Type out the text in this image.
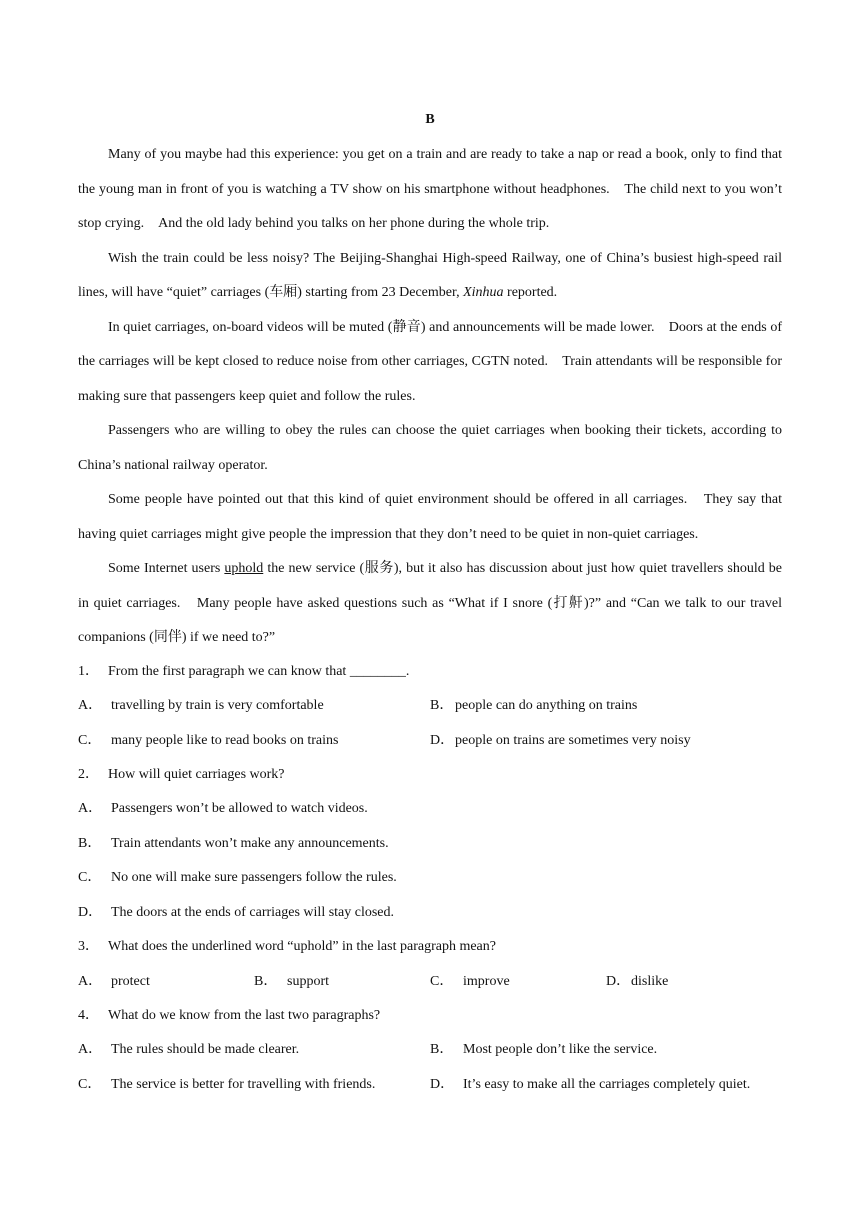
B

Many of you maybe had this experience: you get on a train and are ready to take a nap or read a book, only to find that the young man in front of you is watching a TV show on his smartphone without headphones.　The child next to you won’t stop crying.　And the old lady behind you talks on her phone during the whole trip.

Wish the train could be less noisy? The Beijing-Shanghai High-speed Railway, one of China’s busiest high-speed rail lines, will have “quiet” carriages (车厢) starting from 23 December, Xinhua reported.

In quiet carriages, on-board videos will be muted (静音) and announcements will be made lower.　Doors at the ends of the carriages will be kept closed to reduce noise from other carriages, CGTN noted.　Train attendants will be responsible for making sure that passengers keep quiet and follow the rules.

Passengers who are willing to obey the rules can choose the quiet carriages when booking their tickets, according to China’s national railway operator.

Some people have pointed out that this kind of quiet environment should be offered in all carriages.　They say that having quiet carriages might give people the impression that they don’t need to be quiet in non-quiet carriages.

Some Internet users uphold the new service (服务), but it also has discussion about just how quiet travellers should be in quiet carriages.　Many people have asked questions such as “What if I snore (打鼾)?” and “Can we talk to our travel companions (同伴) if we need to?”

1． From the first paragraph we can know that ________.
A． travelling by train is very comfortable	B． people can do anything on trains
C． many people like to read books on trains	D．people on trains are sometimes very noisy
2． How will quiet carriages work?
A． Passengers won’t be allowed to watch videos.
B． Train attendants won’t make any announcements.
C． No one will make sure passengers follow the rules.
D． The doors at the ends of carriages will stay closed.
3． What does the underlined word “uphold” in the last paragraph mean?
A． protect	B． support	C． improve	D．dislike
4． What do we know from the last two paragraphs?
A． The rules should be made clearer.	B． Most people don’t like the service.
C． The service is better for travelling with friends.	D． It’s easy to make all the carriages completely quiet.
